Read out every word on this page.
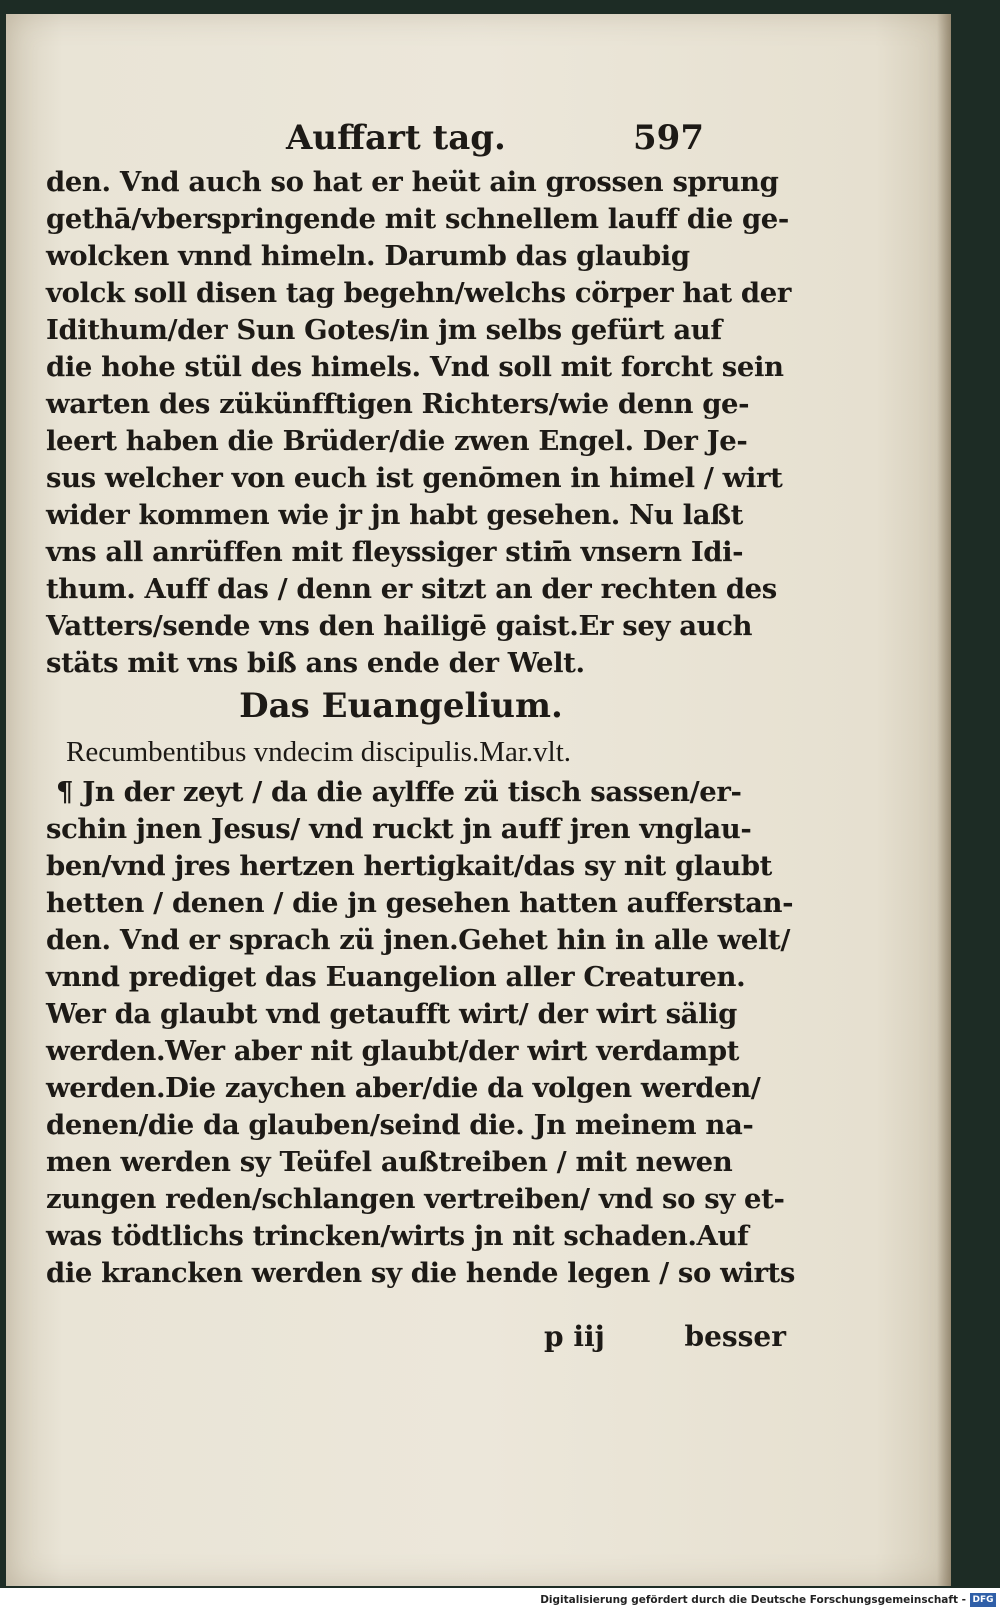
Auffart tag.	597
den. Vnd auch so hat er heüt ain grossen sprung
gethā/vberspringende mit schnellem lauff die ge-
wolcken vnnd himeln. Darumb das glaubig
volck soll disen tag begehn/welchs cörper hat der
Idithum/der Sun Gotes/in jm selbs gefürt auf
die hohe stül des himels. Vnd soll mit forcht sein
warten des zükünfftigen Richters/wie denn ge-
leert haben die Brüder/die zwen Engel. Der Je-
sus welcher von euch ist genōmen in himel / wirt
wider kommen wie jr jn habt gesehen. Nu laßt
vns all anrüffen mit fleyssiger stim̄ vnsern Idi-
thum. Auff das / denn er sitzt an der rechten des
Vatters/sende vns den hailigē gaist.Er sey auch
stäts mit vns biß ans ende der Welt.
Das Euangelium.
Recumbentibus vndecim discipulis.Mar.vlt.
¶ Jn der zeyt / da die aylffe zü tisch sassen/er-
schin jnen Jesus/ vnd ruckt jn auff jren vnglau-
ben/vnd jres hertzen hertigkait/das sy nit glaubt
hetten / denen / die jn gesehen hatten aufferstan-
den. Vnd er sprach zü jnen.Gehet hin in alle welt/
vnnd prediget das Euangelion aller Creaturen.
Wer da glaubt vnd getaufft wirt/ der wirt sälig
werden.Wer aber nit glaubt/der wirt verdampt
werden.Die zaychen aber/die da volgen werden/
denen/die da glauben/seind die. Jn meinem na-
men werden sy Teüfel außtreiben / mit newen
zungen reden/schlangen vertreiben/ vnd so sy et-
was tödtlichs trincken/wirts jn nit schaden.Auf
die krancken werden sy die hende legen / so wirts
p iij	besser
Digitalisierung gefördert durch die Deutsche Forschungsgemeinschaft - DFG
